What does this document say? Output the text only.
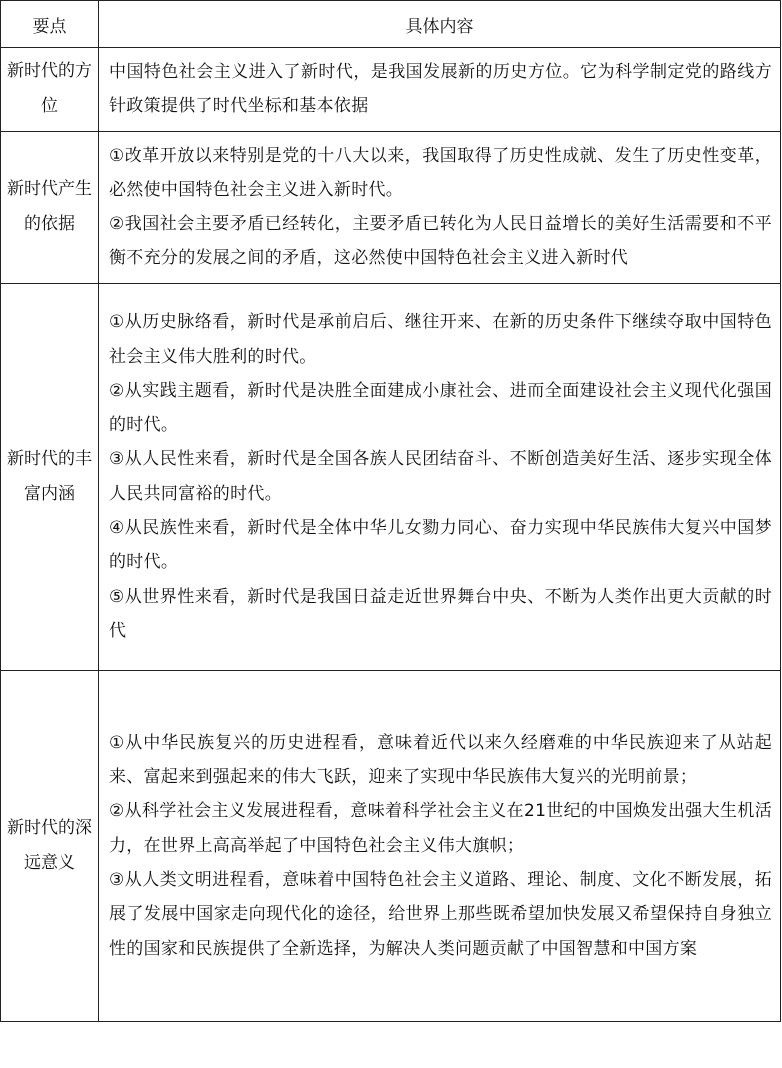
要点	具体内容
新时代的方位	中国特色社会主义进入了新时代，是我国发展新的历史方位。它为科学制定党的路线方针政策提供了时代坐标和基本依据

新时代产生的依据	①改革开放以来特别是党的十八大以来，我国取得了历史性成就、发生了历史性变革，必然使中国特色社会主义进入新时代。

②我国社会主要矛盾已经转化，主要矛盾已转化为人民日益增长的美好生活需要和不平衡不充分的发展之间的矛盾，这必然使中国特色社会主义进入新时代

新时代的丰富内涵	①从历史脉络看，新时代是承前启后、继往开来、在新的历史条件下继续夺取中国特色社会主义伟大胜利的时代。

②从实践主题看，新时代是决胜全面建成小康社会、进而全面建设社会主义现代化强国的时代。

③从人民性来看，新时代是全国各族人民团结奋斗、不断创造美好生活、逐步实现全体人民共同富裕的时代。

④从民族性来看，新时代是全体中华儿女勠力同心、奋力实现中华民族伟大复兴中国梦的时代。

⑤从世界性来看，新时代是我国日益走近世界舞台中央、不断为人类作出更大贡献的时代

新时代的深远意义	①从中华民族复兴的历史进程看，意味着近代以来久经磨难的中华民族迎来了从站起来、富起来到强起来的伟大飞跃，迎来了实现中华民族伟大复兴的光明前景；

②从科学社会主义发展进程看，意味着科学社会主义在21世纪的中国焕发出强大生机活力，在世界上高高举起了中国特色社会主义伟大旗帜；

③从人类文明进程看，意味着中国特色社会主义道路、理论、制度、文化不断发展，拓展了发展中国家走向现代化的途径，给世界上那些既希望加快发展又希望保持自身独立性的国家和民族提供了全新选择，为解决人类问题贡献了中国智慧和中国方案
